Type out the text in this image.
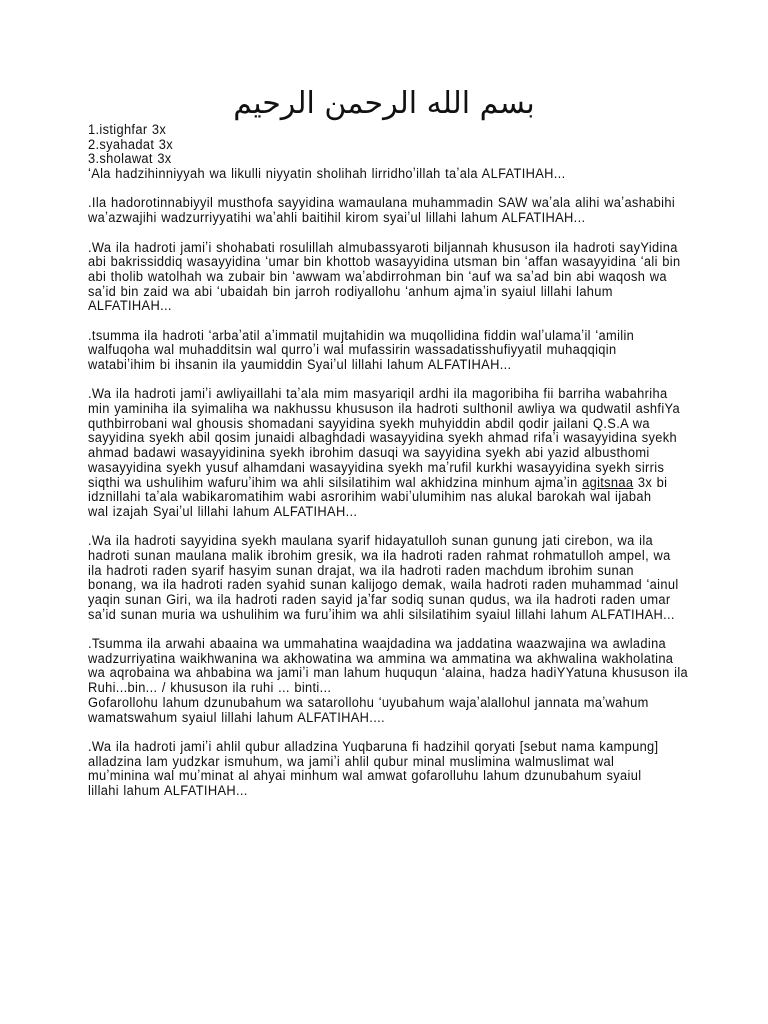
بسم الله الرحمن الرحيم
1.istighfar 3x
2.syahadat 3x
3.sholawat 3x
ʻAla hadzihinniyyah wa likulli niyyatin sholihah lirridhoʼillah taʼala ALFATIHAH...
.Ila hadorotinnabiyyil musthofa sayyidina wamaulana muhammadin SAW waʼala alihi waʼashabihi
waʼazwajihi wadzurriyyatihi waʼahli baitihil kirom syaiʼul lillahi lahum ALFATIHAH...
.Wa ila hadroti jamiʼi shohabati rosulillah almubassyaroti biljannah khususon ila hadroti sayYidina
abi bakrissiddiq wasayyidina ʻumar bin khottob wasayyidina utsman bin ʻaffan wasayyidina ʻali bin
abi tholib watolhah wa zubair bin ʻawwam waʼabdirrohman bin ʻauf wa saʼad bin abi waqosh wa
saʼid bin zaid wa abi ʻubaidah bin jarroh rodiyallohu ʻanhum ajmaʼin syaiul lillahi lahum
ALFATIHAH...
.tsumma ila hadroti ʻarbaʼatil aʼimmatil mujtahidin wa muqollidina fiddin walʼulamaʼil ʻamilin
walfuqoha wal muhadditsin wal qurroʼi wal mufassirin wassadatisshufiyyatil muhaqqiqin
watabiʼihim bi ihsanin ila yaumiddin Syaiʼul lillahi lahum ALFATIHAH...
.Wa ila hadroti jamiʼi awliyaillahi taʼala mim masyariqil ardhi ila magoribiha fii barriha wabahriha
min yaminiha ila syimaliha wa nakhussu khususon ila hadroti sulthonil awliya wa qudwatil ashfiYa
quthbirrobani wal ghousis shomadani sayyidina syekh muhyiddin abdil qodir jailani Q.S.A wa
sayyidina syekh abil qosim junaidi albaghdadi wasayyidina syekh ahmad rifaʼi wasayyidina syekh
ahmad badawi wasayyidinina syekh ibrohim dasuqi wa sayyidina syekh abi yazid albusthomi
wasayyidina syekh yusuf alhamdani wasayyidina syekh maʼrufil kurkhi wasayyidina syekh sirris
siqthi wa ushulihim wafuruʼihim wa ahli silsilatihim wal akhidzina minhum ajmaʼin agitsnaa 3x bi
idznillahi taʼala wabikaromatihim wabi asrorihim wabiʼulumihim nas alukal barokah wal ijabah
wal izajah Syaiʼul lillahi lahum ALFATIHAH...
.Wa ila hadroti sayyidina syekh maulana syarif hidayatulloh sunan gunung jati cirebon, wa ila
hadroti sunan maulana malik ibrohim gresik, wa ila hadroti raden rahmat rohmatulloh ampel, wa
ila hadroti raden syarif hasyim sunan drajat, wa ila hadroti raden machdum ibrohim sunan
bonang, wa ila hadroti raden syahid sunan kalijogo demak, waila hadroti raden muhammad ʻainul
yaqin sunan Giri, wa ila hadroti raden sayid jaʼfar sodiq sunan qudus, wa ila hadroti raden umar
saʼid sunan muria wa ushulihim wa furuʼihim wa ahli silsilatihim syaiul lillahi lahum ALFATIHAH...
.Tsumma ila arwahi abaaina wa ummahatina waajdadina wa jaddatina waazwajina wa awladina
wadzurriyatina waikhwanina wa akhowatina wa ammina wa ammatina wa akhwalina wakholatina
wa aqrobaina wa ahbabina wa jamiʼi man lahum huququn ʻalaina, hadza hadiYYatuna khususon ila
Ruhi...bin... / khususon ila ruhi ... binti...
Gofarollohu lahum dzunubahum wa satarollohu ʻuyubahum wajaʼalallohul jannata maʼwahum
wamatswahum syaiul lillahi lahum ALFATIHAH....
.Wa ila hadroti jamiʼi ahlil qubur alladzina Yuqbaruna fi hadzihil qoryati [sebut nama kampung]
alladzina lam yudzkar ismuhum, wa jamiʼi ahlil qubur minal muslimina walmuslimat wal
muʼminina wal muʼminat al ahyai minhum wal amwat gofarolluhu lahum dzunubahum syaiul
lillahi lahum ALFATIHAH...
